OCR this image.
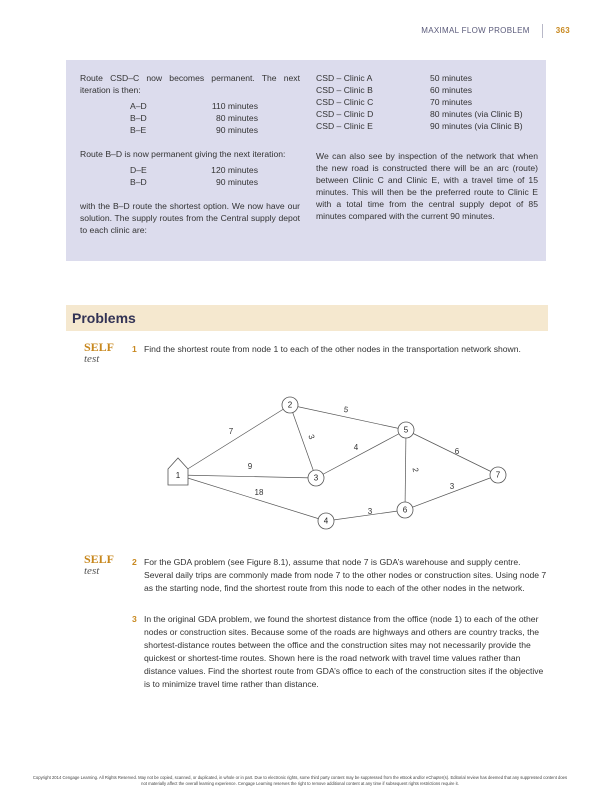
MAXIMAL FLOW PROBLEM	363

Route CSD–C now becomes permanent. The next iteration is then:

A–D	110 minutes
B–D	80 minutes
B–E	90 minutes

Route B–D is now permanent giving the next iteration:

D–E	120 minutes
B–D	90 minutes

with the B–D route the shortest option. We now have our solution. The supply routes from the Central supply depot to each clinic are:

CSD – Clinic A	50 minutes
CSD – Clinic B	60 minutes
CSD – Clinic C	70 minutes
CSD – Clinic D	80 minutes (via Clinic B)
CSD – Clinic E	90 minutes (via Clinic B)

We can also see by inspection of the network that when the new road is constructed there will be an arc (route) between Clinic C and Clinic E, with a travel time of 15 minutes. This will then be the preferred route to Clinic E with a total time from the central supply depot of 85 minutes compared with the current 90 minutes.

Problems
SELF
test
1 Find the shortest route from node 1 to each of the other nodes in the transportation network shown.
7
9
18
3
5
4
3
2
6
3
1
2
3
4
5
6
7
SELF
test
2 For the GDA problem (see Figure 8.1), assume that node 7 is GDA’s warehouse and supply centre. Several daily trips are commonly made from node 7 to the other nodes or construction sites. Using node 7 as the starting node, find the shortest route from this node to each of the other nodes in the network.
3 In the original GDA problem, we found the shortest distance from the office (node 1) to each of the other nodes or construction sites. Because some of the roads are highways and others are country tracks, the shortest-distance routes between the office and the construction sites may not necessarily provide the quickest or shortest-time routes. Shown here is the road network with travel time values rather than distance values. Find the shortest route from GDA’s office to each of the construction sites if the objective is to minimize travel time rather than distance.
Copyright 2014 Cengage Learning. All Rights Reserved. May not be copied, scanned, or duplicated, in whole or in part. Due to electronic rights, some third party content may be suppressed from the eBook and/or eChapter(s). Editorial review has deemed that any suppressed content does not materially affect the overall learning experience. Cengage Learning reserves the right to remove additional content at any time if subsequent rights restrictions require it.
